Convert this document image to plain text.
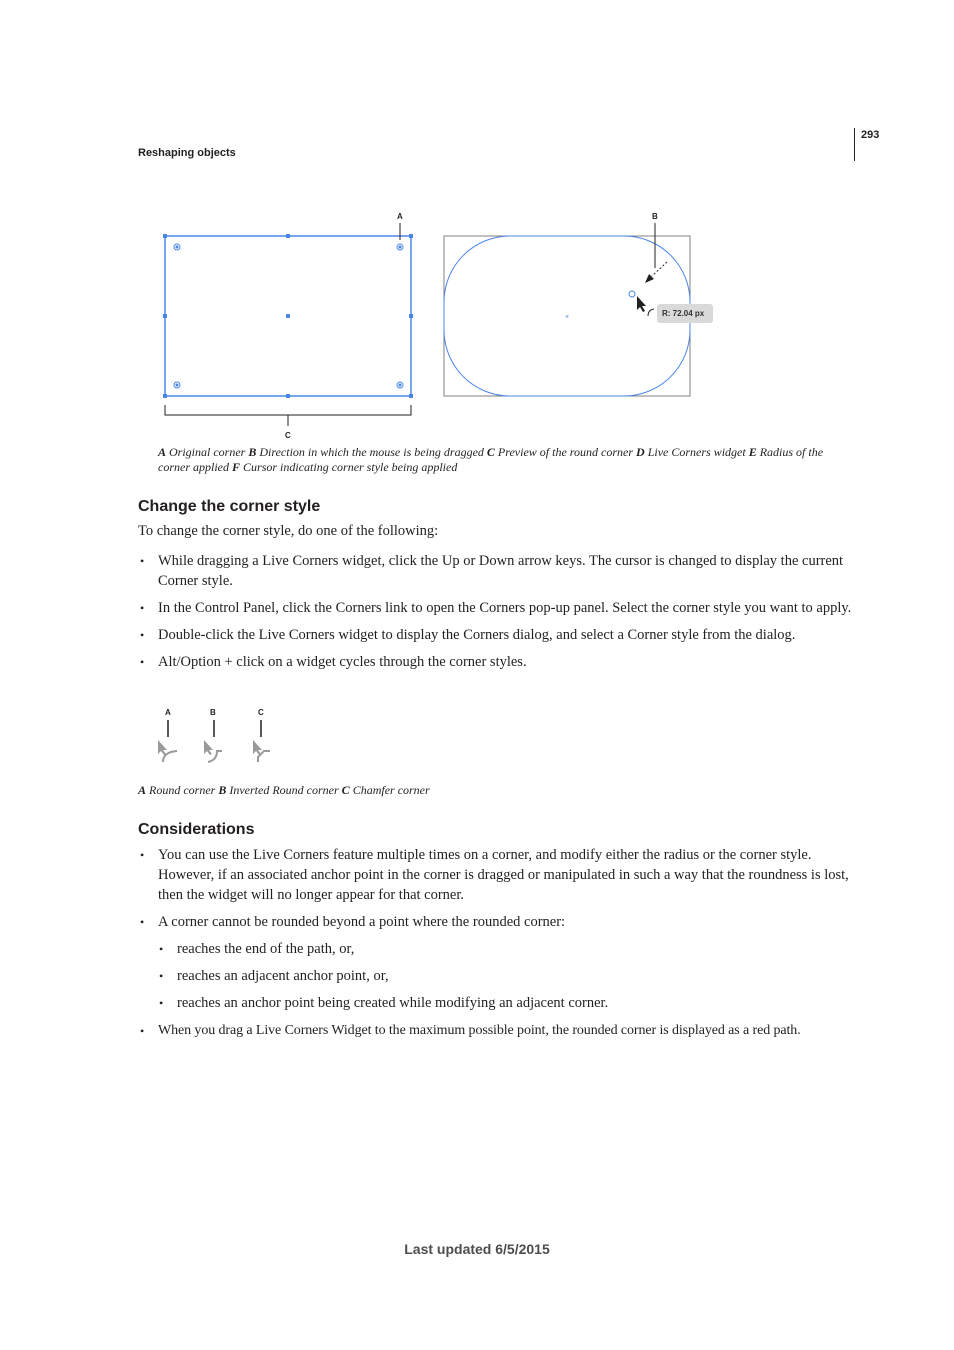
Reshaping objects
293
A
C
×
B
R: 72.04 px
A Original corner B Direction in which the mouse is being dragged C Preview of the round corner D Live Corners widget E Radius of the corner applied F Cursor indicating corner style being applied
Change the corner style
To change the corner style, do one of the following:
• While dragging a Live Corners widget, click the Up or Down arrow keys. The cursor is changed to display the current Corner style.
• In the Control Panel, click the Corners link to open the Corners pop-up panel. Select the corner style you want to apply.
• Double-click the Live Corners widget to display the Corners dialog, and select a Corner style from the dialog.
• Alt/Option + click on a widget cycles through the corner styles.
A	B	C
A Round corner B Inverted Round corner C Chamfer corner
Considerations
• You can use the Live Corners feature multiple times on a corner, and modify either the radius or the corner style. However, if an associated anchor point in the corner is dragged or manipulated in such a way that the roundness is lost, then the widget will no longer appear for that corner.
• A corner cannot be rounded beyond a point where the rounded corner:
• reaches the end of the path, or,
• reaches an adjacent anchor point, or,
• reaches an anchor point being created while modifying an adjacent corner.
• When you drag a Live Corners Widget to the maximum possible point, the rounded corner is displayed as a red path.
Last updated 6/5/2015
